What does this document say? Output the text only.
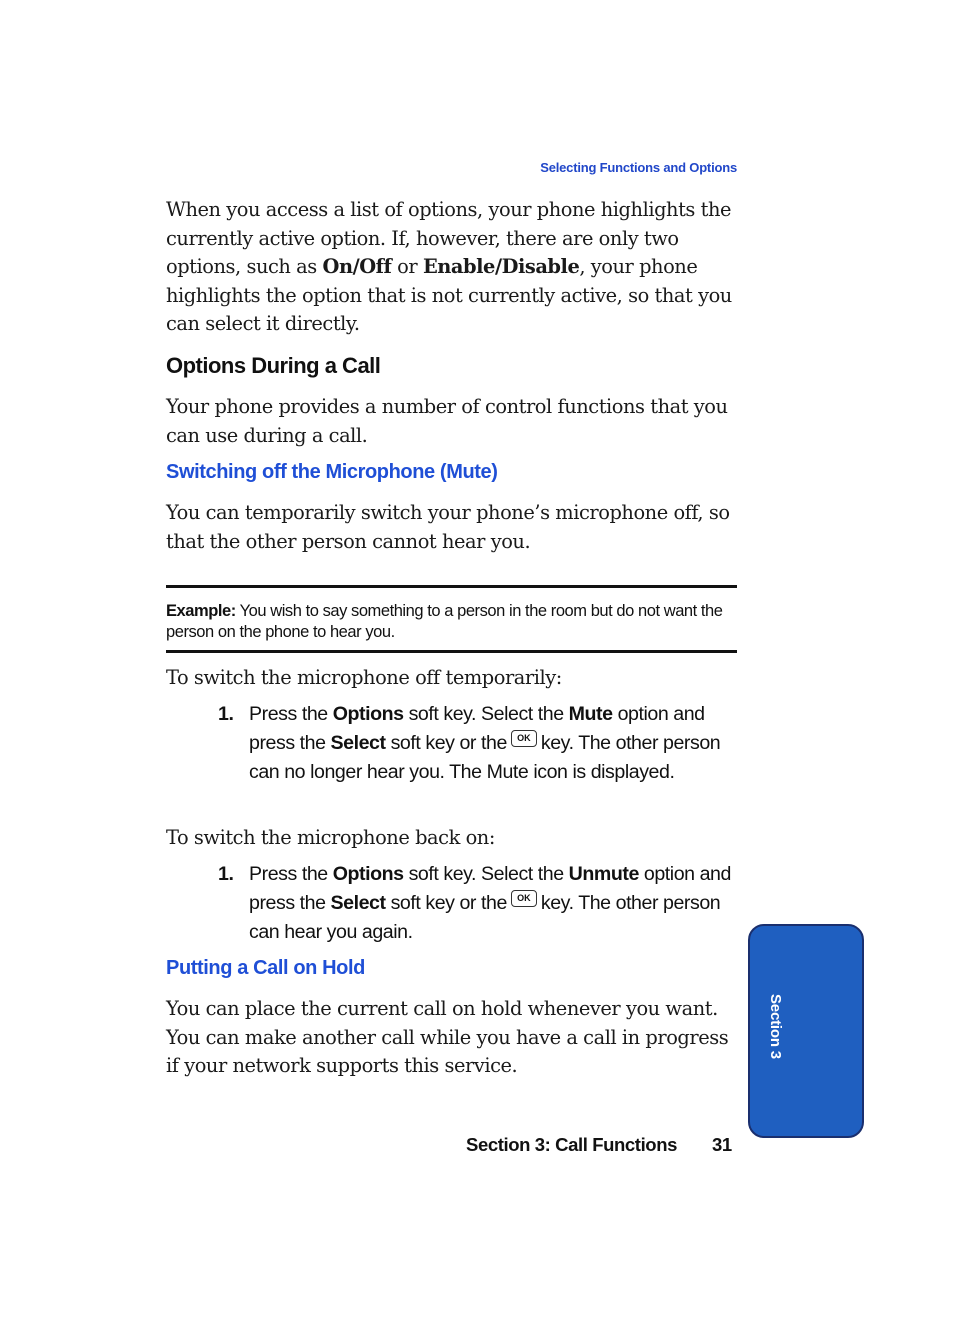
Selecting Functions and Options

When you access a list of options, your phone highlights the currently active option. If, however, there are only two options, such as On/Off or Enable/Disable, your phone highlights the option that is not currently active, so that you can select it directly.

Options During a Call

Your phone provides a number of control functions that you can use during a call.

Switching off the Microphone (Mute)

You can temporarily switch your phone’s microphone off, so that the other person cannot hear you.

Example: You wish to say something to a person in the room but do not want the person on the phone to hear you.

To switch the microphone off temporarily:

1. Press the Options soft key. Select the Mute option and press the Select soft key or the	OK key. The other person can no longer hear you. The Mute icon is displayed.

To switch the microphone back on:

1. Press the Options soft key. Select the Unmute option and press the Select soft key or the	OK key. The other person can hear you again.
Putting a Call on Hold

You can place the current call on hold whenever you want. You can make another call while you have a call in progress if your network supports this service.

Section 3
Section 3: Call Functions 31
